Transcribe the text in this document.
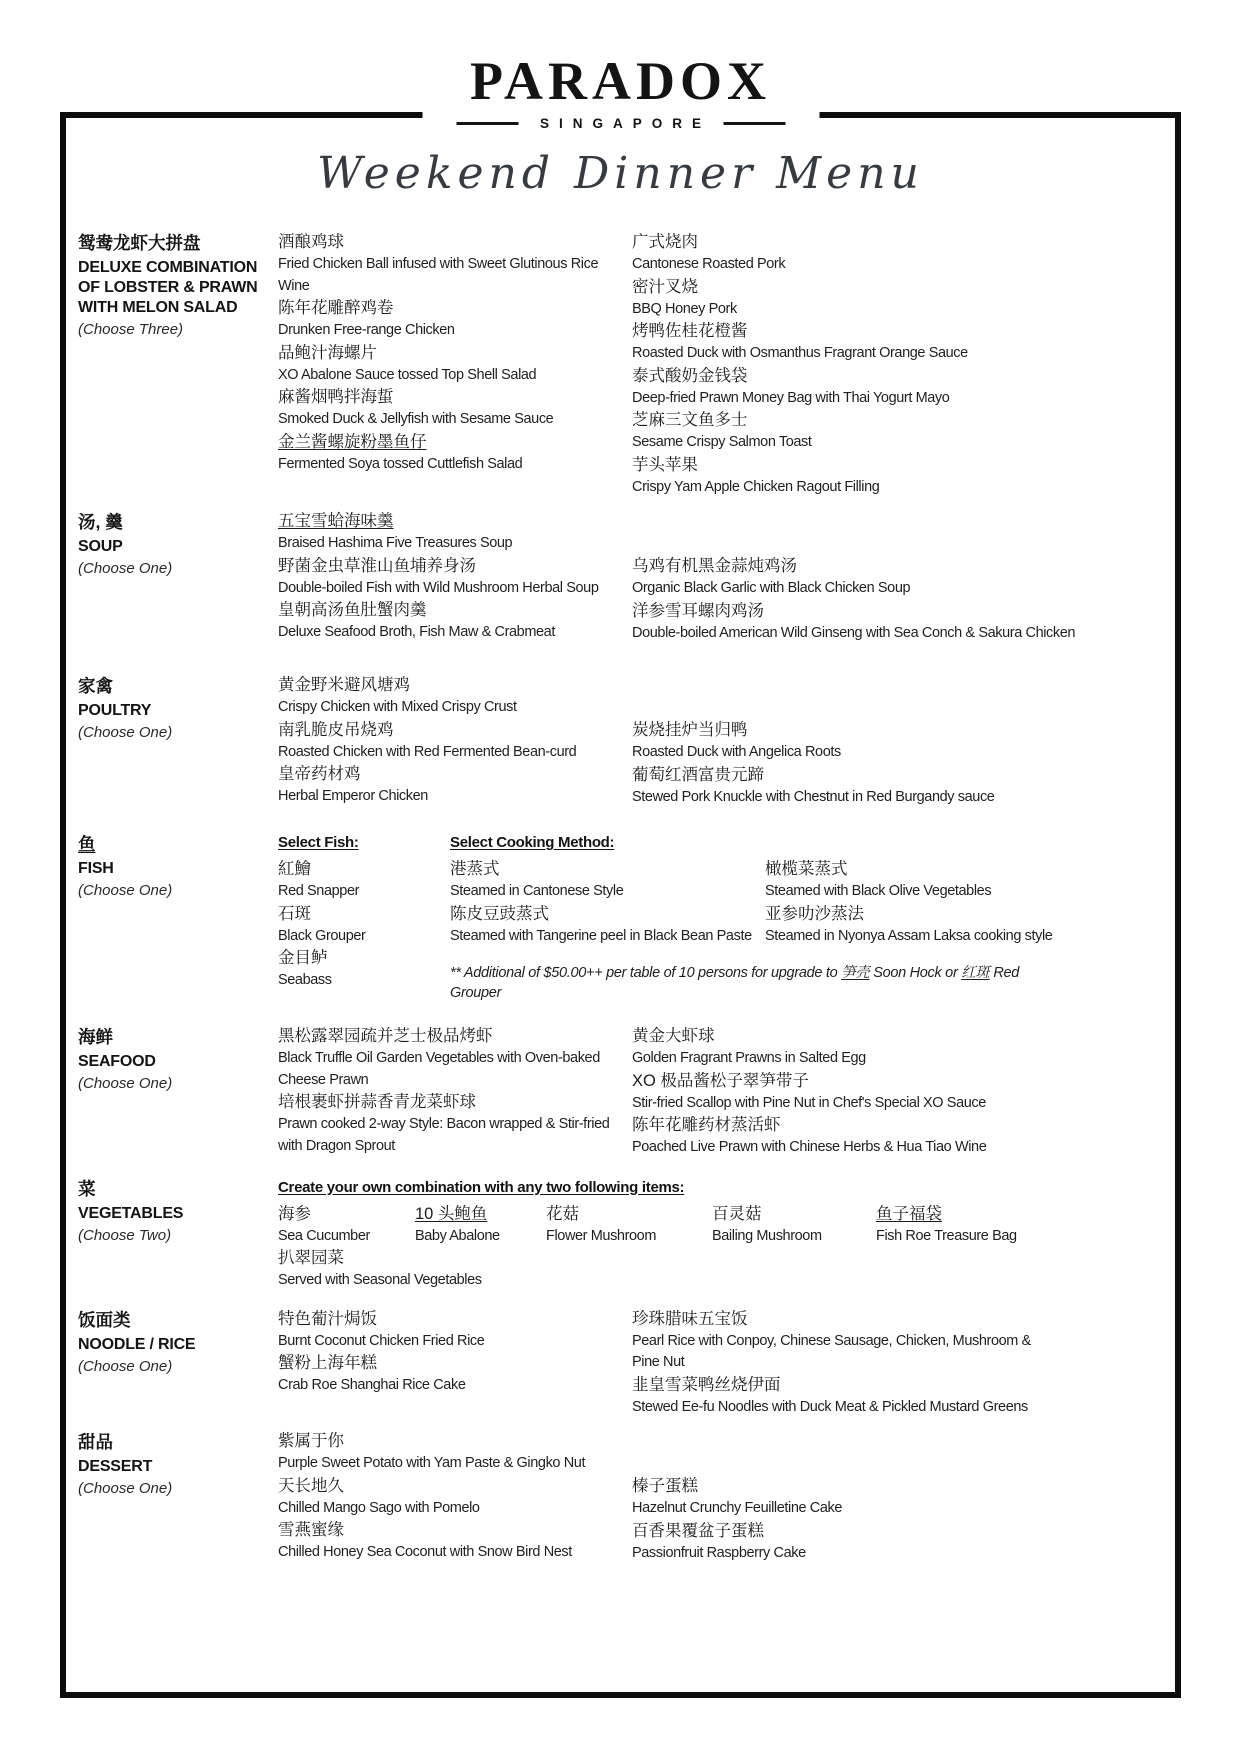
PARADOX
SINGAPORE
Weekend Dinner Menu
鸳鸯龙虾大拼盘
DELUXE COMBINATION OF LOBSTER & PRAWN WITH MELON SALAD
(Choose Three)
酒酿鸡球
Fried Chicken Ball infused with Sweet Glutinous Rice Wine
陈年花雕醉鸡卷
Drunken Free-range Chicken
品鲍汁海螺片
XO Abalone Sauce tossed Top Shell Salad
麻酱烟鸭拌海蜇
Smoked Duck & Jellyfish with Sesame Sauce
金兰酱螺旋粉墨鱼仔
Fermented Soya tossed Cuttlefish Salad
广式烧肉
Cantonese Roasted Pork
密汁叉烧
BBQ Honey Pork
烤鸭佐桂花橙酱
Roasted Duck with Osmanthus Fragrant Orange Sauce
泰式酸奶金钱袋
Deep-fried Prawn Money Bag with Thai Yogurt Mayo
芝麻三文鱼多士
Sesame Crispy Salmon Toast
芋头苹果
Crispy Yam Apple Chicken Ragout Filling
汤, 羹
SOUP
(Choose One)
五宝雪蛤海味羹
Braised Hashima Five Treasures Soup
野菌金虫草淮山鱼埔养身汤
Double-boiled Fish with Wild Mushroom Herbal Soup
皇朝高汤鱼肚蟹肉羹
Deluxe Seafood Broth, Fish Maw & Crabmeat
乌鸡有机黑金蒜炖鸡汤
Organic Black Garlic with Black Chicken Soup
洋参雪耳螺肉鸡汤
Double-boiled American Wild Ginseng with Sea Conch & Sakura Chicken
家禽
POULTRY
(Choose One)
黄金野米避风塘鸡
Crispy Chicken with Mixed Crispy Crust
南乳脆皮吊烧鸡
Roasted Chicken with Red Fermented Bean-curd
皇帝药材鸡
Herbal Emperor Chicken
炭烧挂炉当归鸭
Roasted Duck with Angelica Roots
葡萄红酒富贵元蹄
Stewed Pork Knuckle with Chestnut in Red Burgandy sauce
鱼
FISH
(Choose One)
Select Fish:
紅鱠
Red Snapper
石斑
Black Grouper
金目鲈
Seabass
Select Cooking Method:
港蒸式
Steamed in Cantonese Style
陈皮豆豉蒸式
Steamed with Tangerine peel in Black Bean Paste
** Additional of $50.00++ per table of 10 persons for upgrade to 笋壳 Soon Hock or 红斑 Red Grouper
橄榄菜蒸式
Steamed with Black Olive Vegetables
亚参叻沙蒸法
Steamed in Nyonya Assam Laksa cooking style
海鲜
SEAFOOD
(Choose One)
黑松露翠园疏并芝士极品烤虾
Black Truffle Oil Garden Vegetables with Oven-baked Cheese Prawn
培根裹虾拼蒜香青龙菜虾球
Prawn cooked 2-way Style: Bacon wrapped & Stir-fried with Dragon Sprout
黄金大虾球
Golden Fragrant Prawns in Salted Egg
XO 极品酱松子翠笋带子
Stir-fried Scallop with Pine Nut in Chef's Special XO Sauce
陈年花雕药材蒸活虾
Poached Live Prawn with Chinese Herbs & Hua Tiao Wine
菜
VEGETABLES
(Choose Two)
Create your own combination with any two following items:
海参
Sea Cucumber
10 头鲍鱼
Baby Abalone
花菇
Flower Mushroom
百灵菇
Bailing Mushroom
鱼子福袋
Fish Roe Treasure Bag
扒翠园菜
Served with Seasonal Vegetables
饭面类
NOODLE / RICE
(Choose One)
特色葡汁焗饭
Burnt Coconut Chicken Fried Rice
蟹粉上海年糕
Crab Roe Shanghai Rice Cake
珍珠腊味五宝饭
Pearl Rice with Conpoy, Chinese Sausage, Chicken, Mushroom & Pine Nut
韭皇雪菜鸭丝烧伊面
Stewed Ee-fu Noodles with Duck Meat & Pickled Mustard Greens
甜品
DESSERT
(Choose One)
紫属于你
Purple Sweet Potato with Yam Paste & Gingko Nut
天长地久
Chilled Mango Sago with Pomelo
雪燕蜜缘
Chilled Honey Sea Coconut with Snow Bird Nest
榛子蛋糕
Hazelnut Crunchy Feuilletine Cake
百香果覆盆子蛋糕
Passionfruit Raspberry Cake
